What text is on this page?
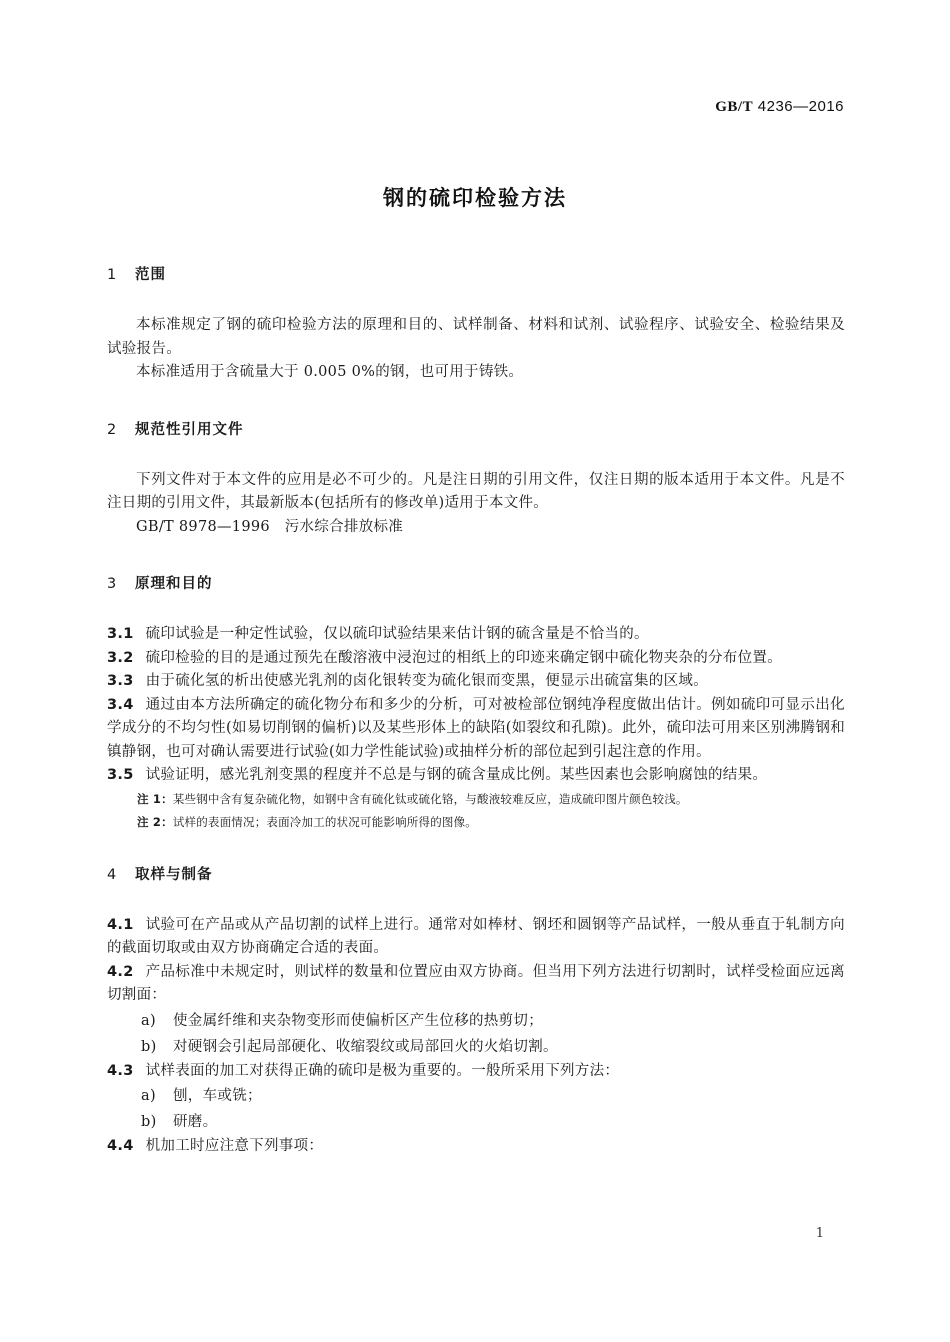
GB/T 4236—2016
钢的硫印检验方法
1 范围
本标准规定了钢的硫印检验方法的原理和目的、试样制备、材料和试剂、试验程序、试验安全、检验结果及试验报告。
本标准适用于含硫量大于 0.005 0%的钢，也可用于铸铁。
2 规范性引用文件
下列文件对于本文件的应用是必不可少的。凡是注日期的引用文件，仅注日期的版本适用于本文件。凡是不注日期的引用文件，其最新版本(包括所有的修改单)适用于本文件。
GB/T 8978—1996　污水综合排放标准
3 原理和目的
3.1 硫印试验是一种定性试验，仅以硫印试验结果来估计钢的硫含量是不恰当的。
3.2 硫印检验的目的是通过预先在酸溶液中浸泡过的相纸上的印迹来确定钢中硫化物夹杂的分布位置。
3.3 由于硫化氢的析出使感光乳剂的卤化银转变为硫化银而变黑，便显示出硫富集的区域。
3.4 通过由本方法所确定的硫化物分布和多少的分析，可对被检部位钢纯净程度做出估计。例如硫印可显示出化学成分的不均匀性(如易切削钢的偏析)以及某些形体上的缺陷(如裂纹和孔隙)。此外，硫印法可用来区别沸腾钢和镇静钢，也可对确认需要进行试验(如力学性能试验)或抽样分析的部位起到引起注意的作用。
3.5 试验证明，感光乳剂变黑的程度并不总是与钢的硫含量成比例。某些因素也会影响腐蚀的结果。
注 1：某些钢中含有复杂硫化物，如钢中含有硫化钛或硫化铬，与酸液较难反应，造成硫印图片颜色较浅。
注 2：试样的表面情况；表面冷加工的状况可能影响所得的图像。
4 取样与制备
4.1 试验可在产品或从产品切割的试样上进行。通常对如棒材、钢坯和圆钢等产品试样，一般从垂直于轧制方向的截面切取或由双方协商确定合适的表面。
4.2 产品标准中未规定时，则试样的数量和位置应由双方协商。但当用下列方法进行切割时，试样受检面应远离切割面：
a) 使金属纤维和夹杂物变形而使偏析区产生位移的热剪切；
b) 对硬钢会引起局部硬化、收缩裂纹或局部回火的火焰切割。
4.3 试样表面的加工对获得正确的硫印是极为重要的。一般所采用下列方法：
a) 刨，车或铣；
b) 研磨。
4.4 机加工时应注意下列事项：
1
